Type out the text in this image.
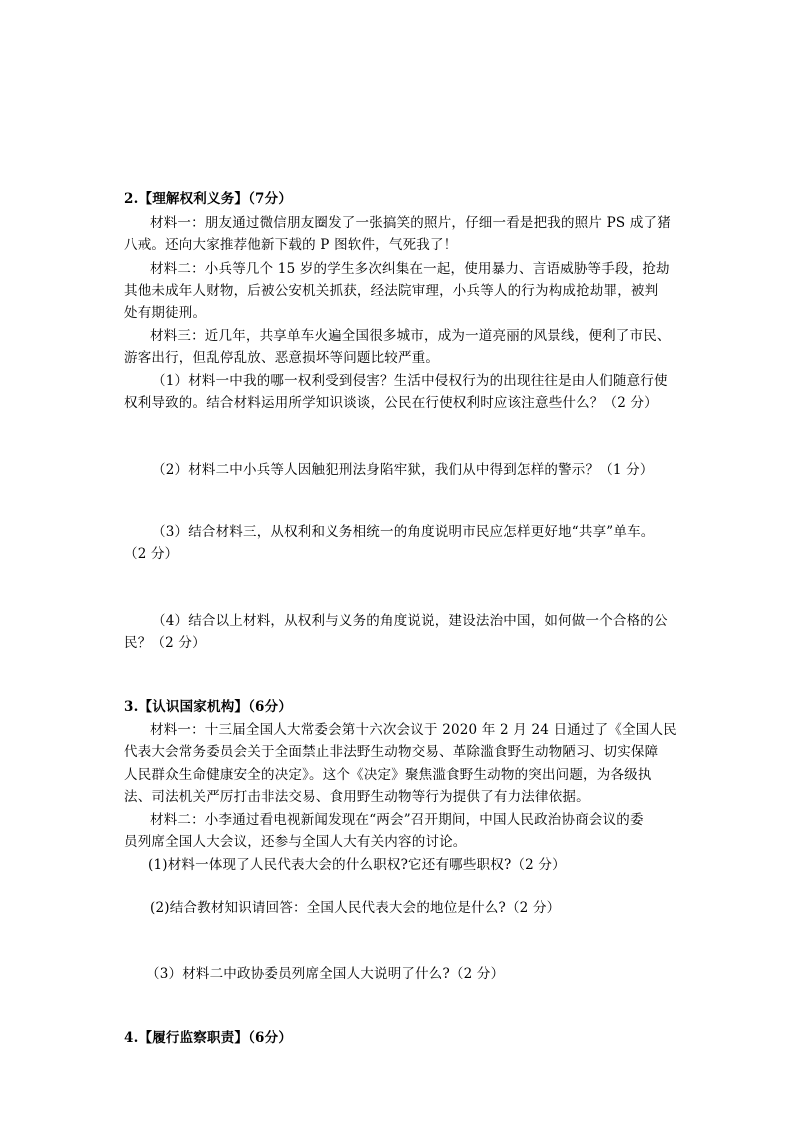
2.【理解权利义务】（7分）
材料一：朋友通过微信朋友圈发了一张搞笑的照片，仔细一看是把我的照片 PS 成了猪
八戒。还向大家推荐他新下载的 P 图软件，气死我了！
材料二：小兵等几个 15 岁的学生多次纠集在一起，使用暴力、言语威胁等手段，抢劫
其他未成年人财物，后被公安机关抓获，经法院审理，小兵等人的行为构成抢劫罪，被判
处有期徒刑。
材料三：近几年，共享单车火遍全国很多城市，成为一道亮丽的风景线，便利了市民、
游客出行，但乱停乱放、恶意损坏等问题比较严重。
（1）材料一中我的哪一权利受到侵害？生活中侵权行为的出现往往是由人们随意行使
权利导致的。结合材料运用所学知识谈谈，公民在行使权利时应该注意些什么？（2 分）
（2）材料二中小兵等人因触犯刑法身陷牢狱，我们从中得到怎样的警示？（1 分）
（3）结合材料三，从权利和义务相统一的角度说明市民应怎样更好地“共享”单车。
（2 分）
（4）结合以上材料，从权利与义务的角度说说，建设法治中国，如何做一个合格的公
民？（2 分）
3.【认识国家机构】（6分）
材料一：十三届全国人大常委会第十六次会议于 2020 年 2 月 24 日通过了《全国人民
代表大会常务委员会关于全面禁止非法野生动物交易、革除滥食野生动物陋习、切实保障
人民群众生命健康安全的决定》。这个《决定》聚焦滥食野生动物的突出问题，为各级执
法、司法机关严厉打击非法交易、食用野生动物等行为提供了有力法律依据。
材料二：小李通过看电视新闻发现在“两会”召开期间，中国人民政治协商会议的委
员列席全国人大会议，还参与全国人大有关内容的讨论。
(1)材料一体现了人民代表大会的什么职权?它还有哪些职权?（2 分）
(2)结合教材知识请回答：全国人民代表大会的地位是什么?（2 分）
（3）材料二中政协委员列席全国人大说明了什么?（2 分）
4.【履行监察职责】（6分）
